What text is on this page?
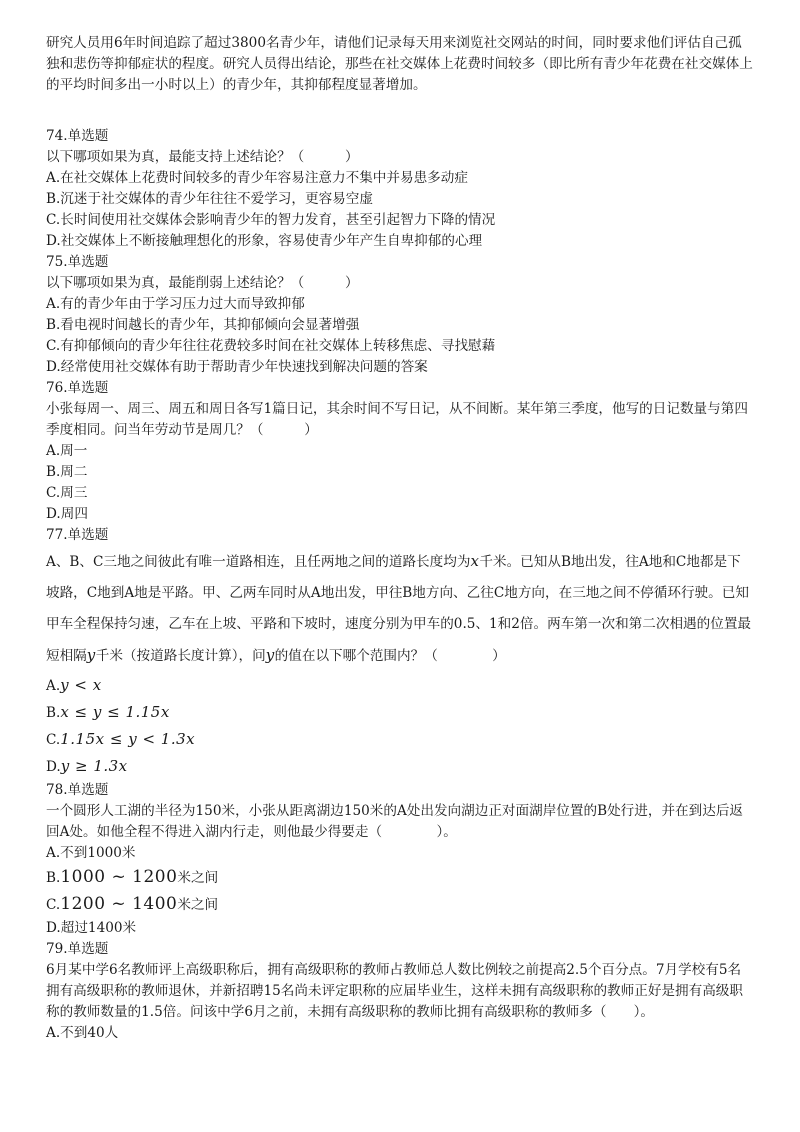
研究人员用6年时间追踪了超过3800名青少年，请他们记录每天用来浏览社交网站的时间，同时要求他们评估自己孤独和悲伤等抑郁症状的程度。研究人员得出结论，那些在社交媒体上花费时间较多（即比所有青少年花费在社交媒体上的平均时间多出一小时以上）的青少年，其抑郁程度显著增加。

74.单选题

以下哪项如果为真，最能支持上述结论？（　　　）

A.在社交媒体上花费时间较多的青少年容易注意力不集中并易患多动症

B.沉迷于社交媒体的青少年往往不爱学习，更容易空虚

C.长时间使用社交媒体会影响青少年的智力发育，甚至引起智力下降的情况

D.社交媒体上不断接触理想化的形象，容易使青少年产生自卑抑郁的心理

75.单选题

以下哪项如果为真，最能削弱上述结论？（　　　）

A.有的青少年由于学习压力过大而导致抑郁

B.看电视时间越长的青少年，其抑郁倾向会显著增强

C.有抑郁倾向的青少年往往花费较多时间在社交媒体上转移焦虑、寻找慰藉

D.经常使用社交媒体有助于帮助青少年快速找到解决问题的答案

76.单选题

小张每周一、周三、周五和周日各写1篇日记，其余时间不写日记，从不间断。某年第三季度，他写的日记数量与第四季度相同。问当年劳动节是周几？（　　　）

A.周一

B.周二

C.周三

D.周四

77.单选题

A、B、C三地之间彼此有唯一道路相连，且任两地之间的道路长度均为x千米。已知从B地出发，往A地和C地都是下坡路，C地到A地是平路。甲、乙两车同时从A地出发，甲往B地方向、乙往C地方向，在三地之间不停循环行驶。已知甲车全程保持匀速，乙车在上坡、平路和下坡时，速度分别为甲车的0.5、1和2倍。两车第一次和第二次相遇的位置最短相隔y千米（按道路长度计算），问y的值在以下哪个范围内？（　　　　）

A.y < x

B.x ≤ y ≤ 1.15x

C.1.15x ≤ y < 1.3x

D.y ≥ 1.3x

78.单选题

一个圆形人工湖的半径为150米，小张从距离湖边150米的A处出发向湖边正对面湖岸位置的B处行进，并在到达后返回A处。如他全程不得进入湖内行走，则他最少得要走（　　　　）。

A.不到1000米

B.1000 ~ 1200米之间

C.1200 ~ 1400米之间

D.超过1400米

79.单选题

6月某中学6名教师评上高级职称后，拥有高级职称的教师占教师总人数比例较之前提高2.5个百分点。7月学校有5名拥有高级职称的教师退休，并新招聘15名尚未评定职称的应届毕业生，这样未拥有高级职称的教师正好是拥有高级职称的教师数量的1.5倍。问该中学6月之前，未拥有高级职称的教师比拥有高级职称的教师多（　　）。

A.不到40人
